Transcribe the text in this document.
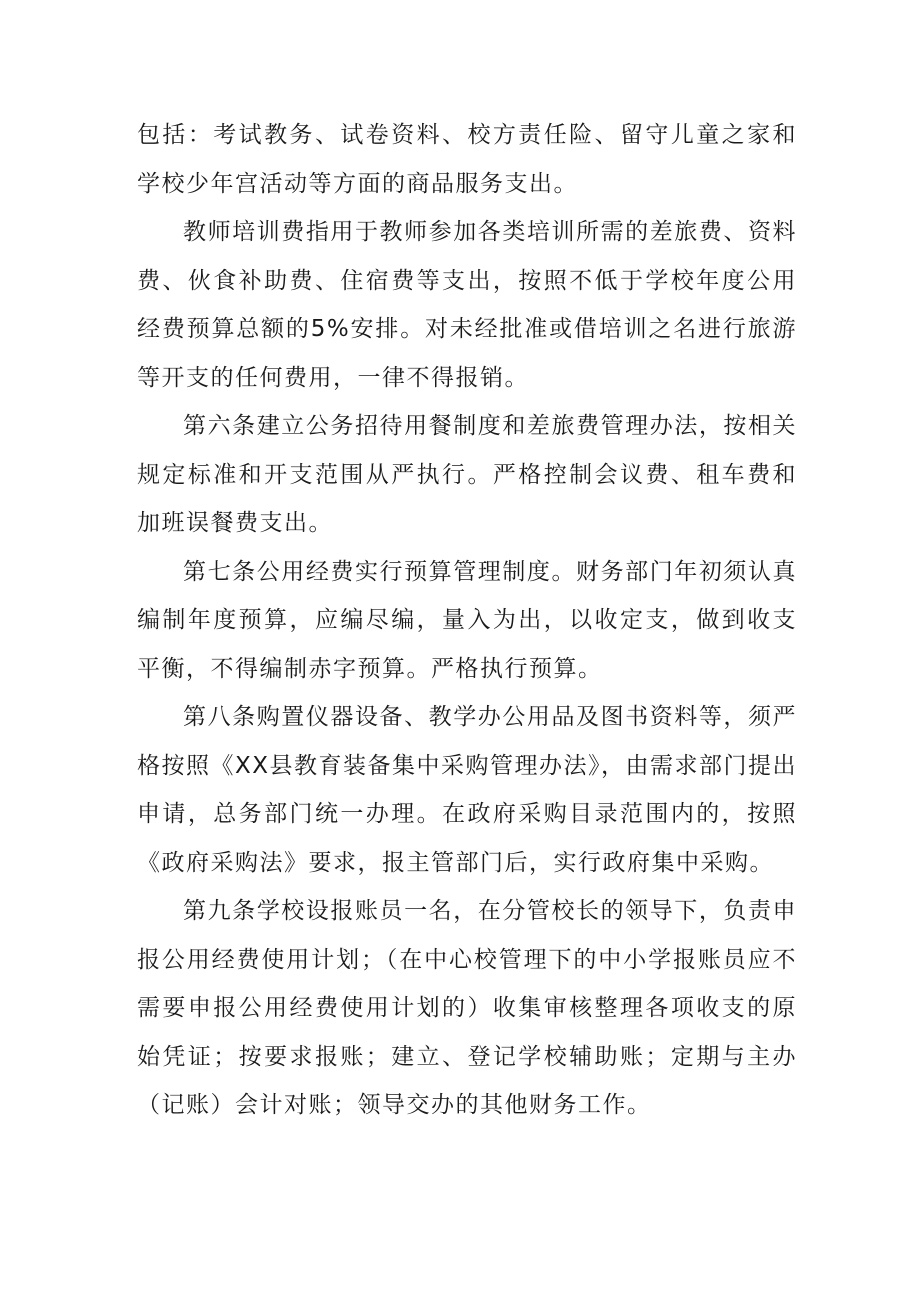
包括：考试教务、试卷资料、校方责任险、留守儿童之家和学校少年宫活动等方面的商品服务支出。

教师培训费指用于教师参加各类培训所需的差旅费、资料费、伙食补助费、住宿费等支出，按照不低于学校年度公用经费预算总额的5%安排。对未经批准或借培训之名进行旅游等开支的任何费用，一律不得报销。

第六条建立公务招待用餐制度和差旅费管理办法，按相关规定标准和开支范围从严执行。严格控制会议费、租车费和加班误餐费支出。

第七条公用经费实行预算管理制度。财务部门年初须认真编制年度预算，应编尽编，量入为出，以收定支，做到收支平衡，不得编制赤字预算。严格执行预算。

第八条购置仪器设备、教学办公用品及图书资料等，须严格按照《XX县教育装备集中采购管理办法》，由需求部门提出申请，总务部门统一办理。在政府采购目录范围内的，按照《政府采购法》要求，报主管部门后，实行政府集中采购。

第九条学校设报账员一名，在分管校长的领导下，负责申报公用经费使用计划；（在中心校管理下的中小学报账员应不需要申报公用经费使用计划的）收集审核整理各项收支的原始凭证；按要求报账；建立、登记学校辅助账；定期与主办（记账）会计对账；领导交办的其他财务工作。
